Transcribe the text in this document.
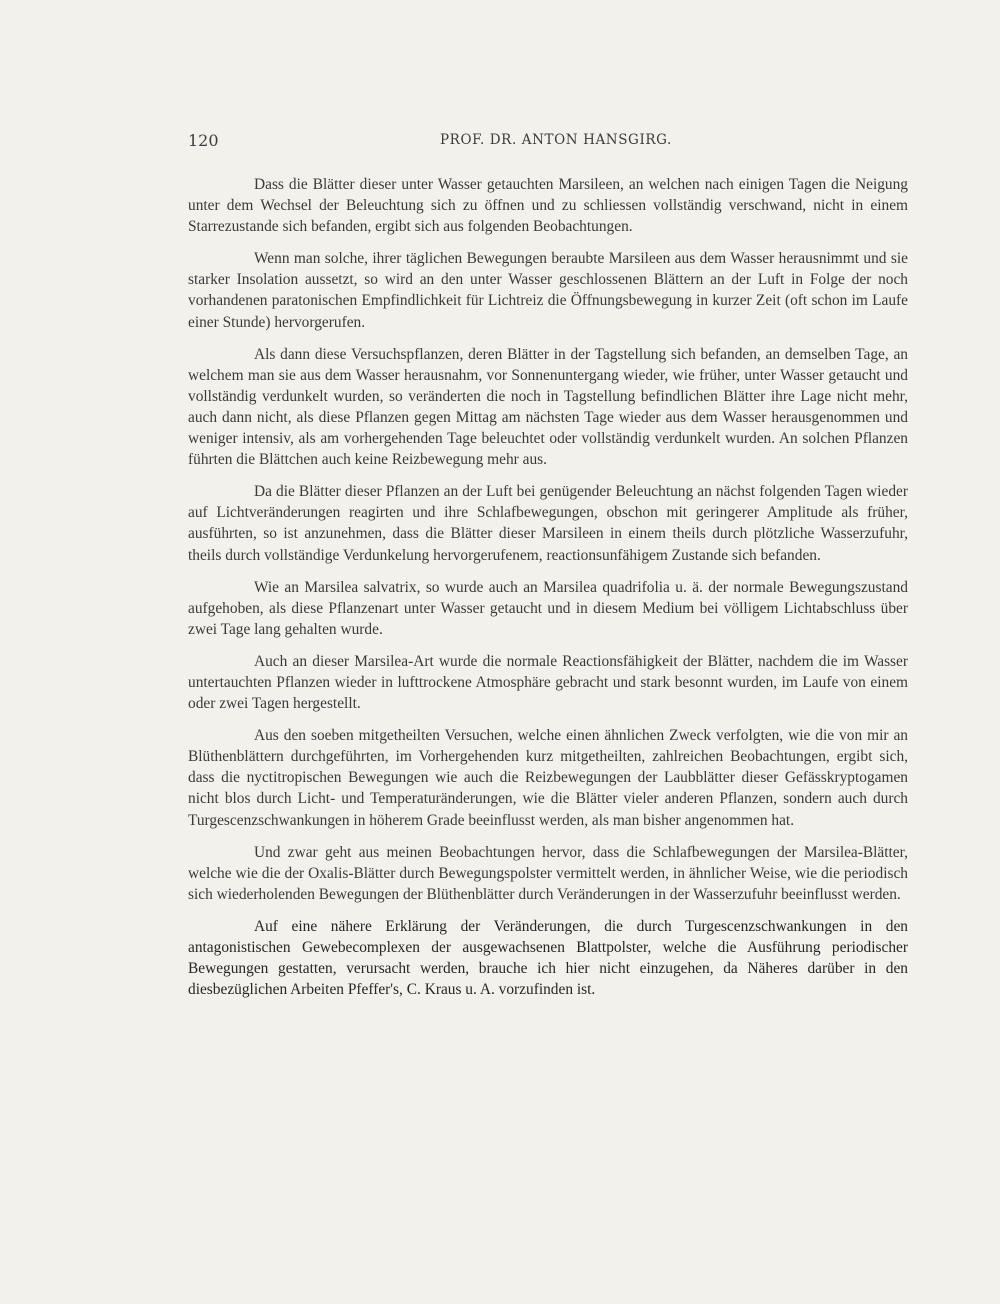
120	PROF. DR. ANTON HANSGIRG.

Dass die Blätter dieser unter Wasser getauchten Marsileen, an welchen nach einigen Tagen die Neigung unter dem Wechsel der Beleuchtung sich zu öffnen und zu schliessen vollständig verschwand, nicht in einem Starrezustande sich befanden, ergibt sich aus folgenden Beobachtungen.

Wenn man solche, ihrer täglichen Bewegungen beraubte Marsileen aus dem Wasser herausnimmt und sie starker Insolation aussetzt, so wird an den unter Wasser geschlossenen Blättern an der Luft in Folge der noch vorhandenen paratonischen Empfindlichkeit für Lichtreiz die Öffnungsbewegung in kurzer Zeit (oft schon im Laufe einer Stunde) hervorgerufen.

Als dann diese Versuchspflanzen, deren Blätter in der Tagstellung sich befanden, an demselben Tage, an welchem man sie aus dem Wasser herausnahm, vor Sonnenuntergang wieder, wie früher, unter Wasser getaucht und vollständig verdunkelt wurden, so veränderten die noch in Tagstellung befindlichen Blätter ihre Lage nicht mehr, auch dann nicht, als diese Pflanzen gegen Mittag am nächsten Tage wieder aus dem Wasser herausgenommen und weniger intensiv, als am vorhergehenden Tage beleuchtet oder vollständig verdunkelt wurden. An solchen Pflanzen führten die Blättchen auch keine Reizbewegung mehr aus.

Da die Blätter dieser Pflanzen an der Luft bei genügender Beleuchtung an nächst folgenden Tagen wieder auf Lichtveränderungen reagirten und ihre Schlafbewegungen, obschon mit geringerer Amplitude als früher, ausführten, so ist anzunehmen, dass die Blätter dieser Marsileen in einem theils durch plötzliche Wasserzufuhr, theils durch vollständige Verdunkelung hervorgerufenem, reactionsunfähigem Zustande sich befanden.

Wie an Marsilea salvatrix, so wurde auch an Marsilea quadrifolia u. ä. der normale Bewegungszustand aufgehoben, als diese Pflanzenart unter Wasser getaucht und in diesem Medium bei völligem Lichtabschluss über zwei Tage lang gehalten wurde.

Auch an dieser Marsilea-Art wurde die normale Reactionsfähigkeit der Blätter, nachdem die im Wasser untertauchten Pflanzen wieder in lufttrockene Atmosphäre gebracht und stark besonnt wurden, im Laufe von einem oder zwei Tagen hergestellt.

Aus den soeben mitgetheilten Versuchen, welche einen ähnlichen Zweck verfolgten, wie die von mir an Blüthenblättern durchgeführten, im Vorhergehenden kurz mitgetheilten, zahlreichen Beobachtungen, ergibt sich, dass die nyctitropischen Bewegungen wie auch die Reizbewegungen der Laubblätter dieser Gefässkryptogamen nicht blos durch Licht- und Temperaturänderungen, wie die Blätter vieler anderen Pflanzen, sondern auch durch Turgescenzschwankungen in höherem Grade beeinflusst werden, als man bisher angenommen hat.

Und zwar geht aus meinen Beobachtungen hervor, dass die Schlafbewegungen der Marsilea-Blätter, welche wie die der Oxalis-Blätter durch Bewegungspolster vermittelt werden, in ähnlicher Weise, wie die periodisch sich wiederholenden Bewegungen der Blüthenblätter durch Veränderungen in der Wasserzufuhr beeinflusst werden.

Auf eine nähere Erklärung der Veränderungen, die durch Turgescenzschwankungen in den antagonistischen Gewebecomplexen der ausgewachsenen Blattpolster, welche die Ausführung periodischer Bewegungen gestatten, verursacht werden, brauche ich hier nicht einzugehen, da Näheres darüber in den diesbezüglichen Arbeiten Pfeffer's, C. Kraus u. A. vorzufinden ist.
